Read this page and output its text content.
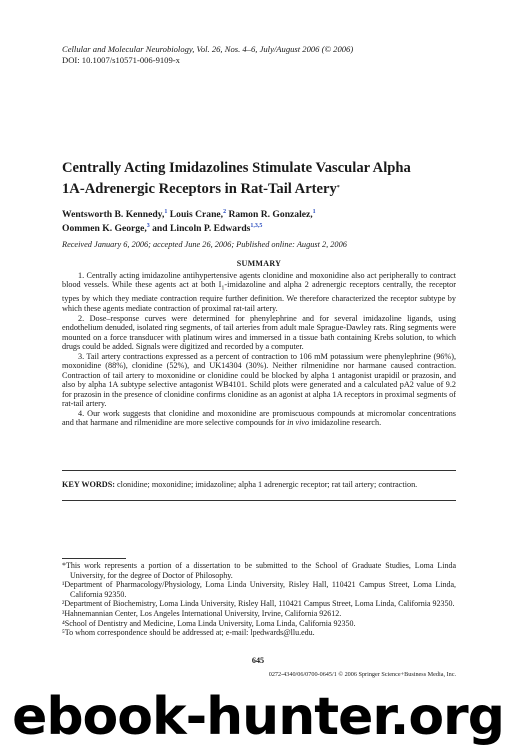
Cellular and Molecular Neurobiology, Vol. 26, Nos. 4–6, July/August 2006 (© 2006)
DOI: 10.1007/s10571-006-9109-x
Centrally Acting Imidazolines Stimulate Vascular Alpha
1A-Adrenergic Receptors in Rat-Tail Artery*
Wentsworth B. Kennedy,$^1$ Louis Crane,$^2$ Ramon R. Gonzalez,$^1$
Oommen K. George,$^3$ and Lincoln P. Edwards$^{1,3,5}$
Received January 6, 2006; accepted June 26, 2006; Published online: August 2, 2006
SUMMARY

1. Centrally acting imidazoline antihypertensive agents clonidine and moxonidine also act peripherally to contract blood vessels. While these agents act at both $I_1$-imidazoline and alpha 2 adrenergic receptors centrally, the receptor types by which they mediate contraction require further definition. We therefore characterized the receptor subtype by which these agents mediate contraction of proximal rat-tail artery.

2. Dose–response curves were determined for phenylephrine and for several imidazoline ligands, using endothelium denuded, isolated ring segments, of tail arteries from adult male Sprague-Dawley rats. Ring segments were mounted on a force transducer with platinum wires and immersed in a tissue bath containing Krebs solution, to which drugs could be added. Signals were digitized and recorded by a computer.

3. Tail artery contractions expressed as a percent of contraction to 106 mM potassium were phenylephrine (96%), moxonidine (88%), clonidine (52%), and UK14304 (30%). Neither rilmenidine nor harmane caused contraction. Contraction of tail artery to moxonidine or clonidine could be blocked by alpha 1 antagonist urapidil or prazosin, and also by alpha 1A subtype selective antagonist WB4101. Schild plots were generated and a calculated pA2 value of 9.2 for prazosin in the presence of clonidine confirms clonidine as an agonist at alpha 1A receptors in proximal segments of rat-tail artery.

4. Our work suggests that clonidine and moxonidine are promiscuous compounds at micromolar concentrations and that harmane and rilmenidine are more selective compounds for in vivo imidazoline research.

KEY WORDS: clonidine; moxonidine; imidazoline; alpha 1 adrenergic receptor; rat tail artery; contraction.
*This work represents a portion of a dissertation to be submitted to the School of Graduate Studies, Loma Linda University, for the degree of Doctor of Philosophy.
¹Department of Pharmacology/Physiology, Loma Linda University, Risley Hall, 110421 Campus Street, Loma Linda, California 92350.
²Department of Biochemistry, Loma Linda University, Risley Hall, 110421 Campus Street, Loma Linda, California 92350.
³Hahnemannian Center, Los Angeles International University, Irvine, California 92612.
⁴School of Dentistry and Medicine, Loma Linda University, Loma Linda, California 92350.
⁵To whom correspondence should be addressed at; e-mail: lpedwards@llu.edu.
645
0272-4340/06/0700-0645/1 © 2006 Springer Science+Business Media, Inc.
ebook-hunter.org
